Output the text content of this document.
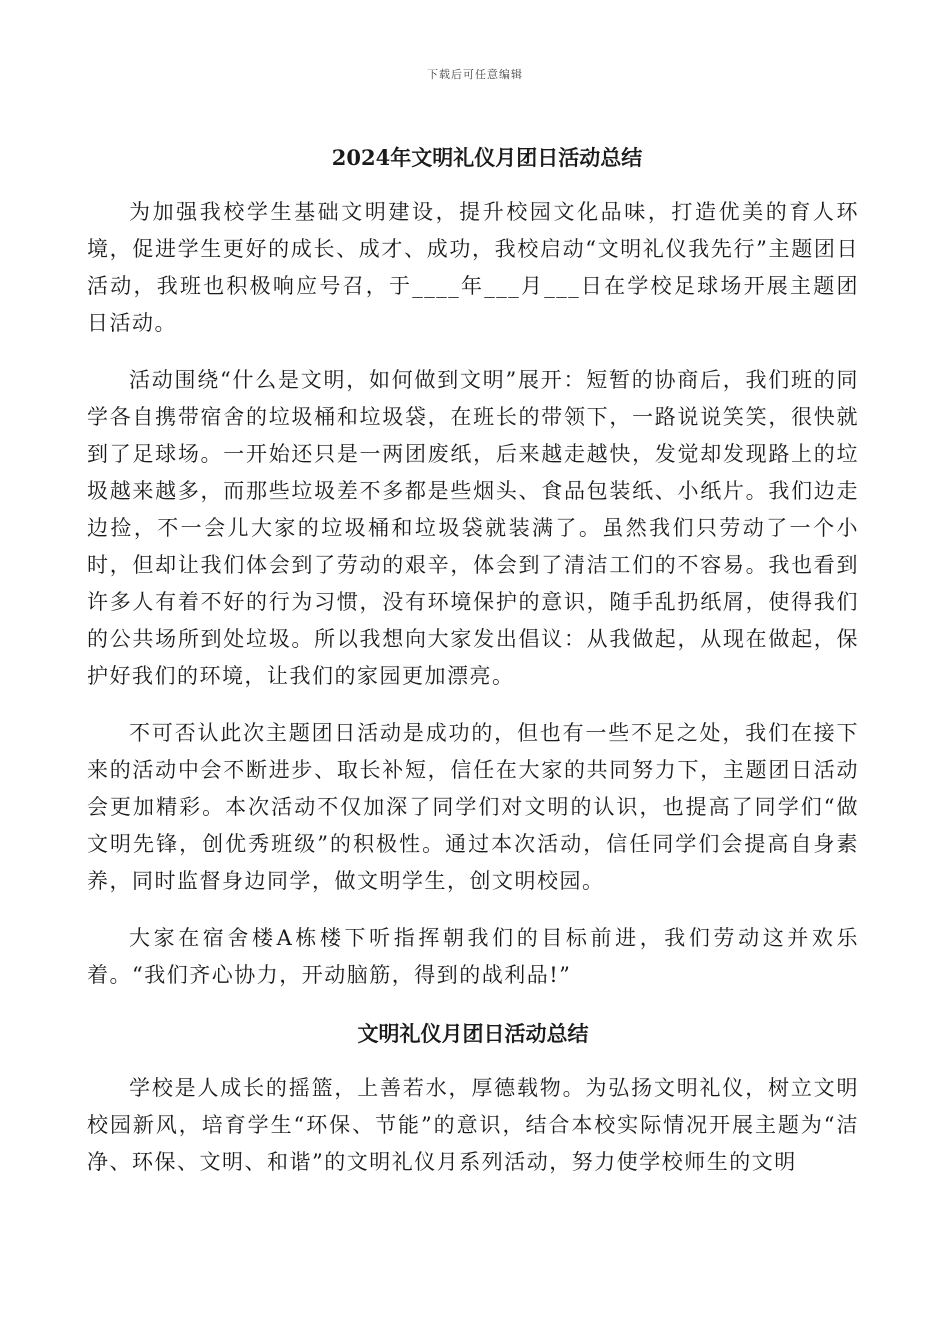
下载后可任意编辑
2024年文明礼仪月团日活动总结

为加强我校学生基础文明建设，提升校园文化品味，打造优美的育人环境，促进学生更好的成长、成才、成功，我校启动“文明礼仪我先行”主题团日活动，我班也积极响应号召，于____年___月___日在学校足球场开展主题团日活动。

活动围绕“什么是文明，如何做到文明”展开：短暂的协商后，我们班的同学各自携带宿舍的垃圾桶和垃圾袋，在班长的带领下，一路说说笑笑，很快就到了足球场。一开始还只是一两团废纸，后来越走越快，发觉却发现路上的垃圾越来越多，而那些垃圾差不多都是些烟头、食品包装纸、小纸片。我们边走边捡，不一会儿大家的垃圾桶和垃圾袋就装满了。虽然我们只劳动了一个小时，但却让我们体会到了劳动的艰辛，体会到了清洁工们的不容易。我也看到许多人有着不好的行为习惯，没有环境保护的意识，随手乱扔纸屑，使得我们的公共场所到处垃圾。所以我想向大家发出倡议：从我做起，从现在做起，保护好我们的环境，让我们的家园更加漂亮。

不可否认此次主题团日活动是成功的，但也有一些不足之处，我们在接下来的活动中会不断进步、取长补短，信任在大家的共同努力下，主题团日活动会更加精彩。本次活动不仅加深了同学们对文明的认识，也提高了同学们“做文明先锋，创优秀班级”的积极性。通过本次活动，信任同学们会提高自身素养，同时监督身边同学，做文明学生，创文明校园。

大家在宿舍楼A栋楼下听指挥朝我们的目标前进，我们劳动这并欢乐着。“我们齐心协力，开动脑筋，得到的战利品!”

文明礼仪月团日活动总结

学校是人成长的摇篮，上善若水，厚德载物。为弘扬文明礼仪，树立文明校园新风，培育学生“环保、节能”的意识，结合本校实际情况开展主题为“洁净、环保、文明、和谐”的文明礼仪月系列活动，努力使学校师生的文明
